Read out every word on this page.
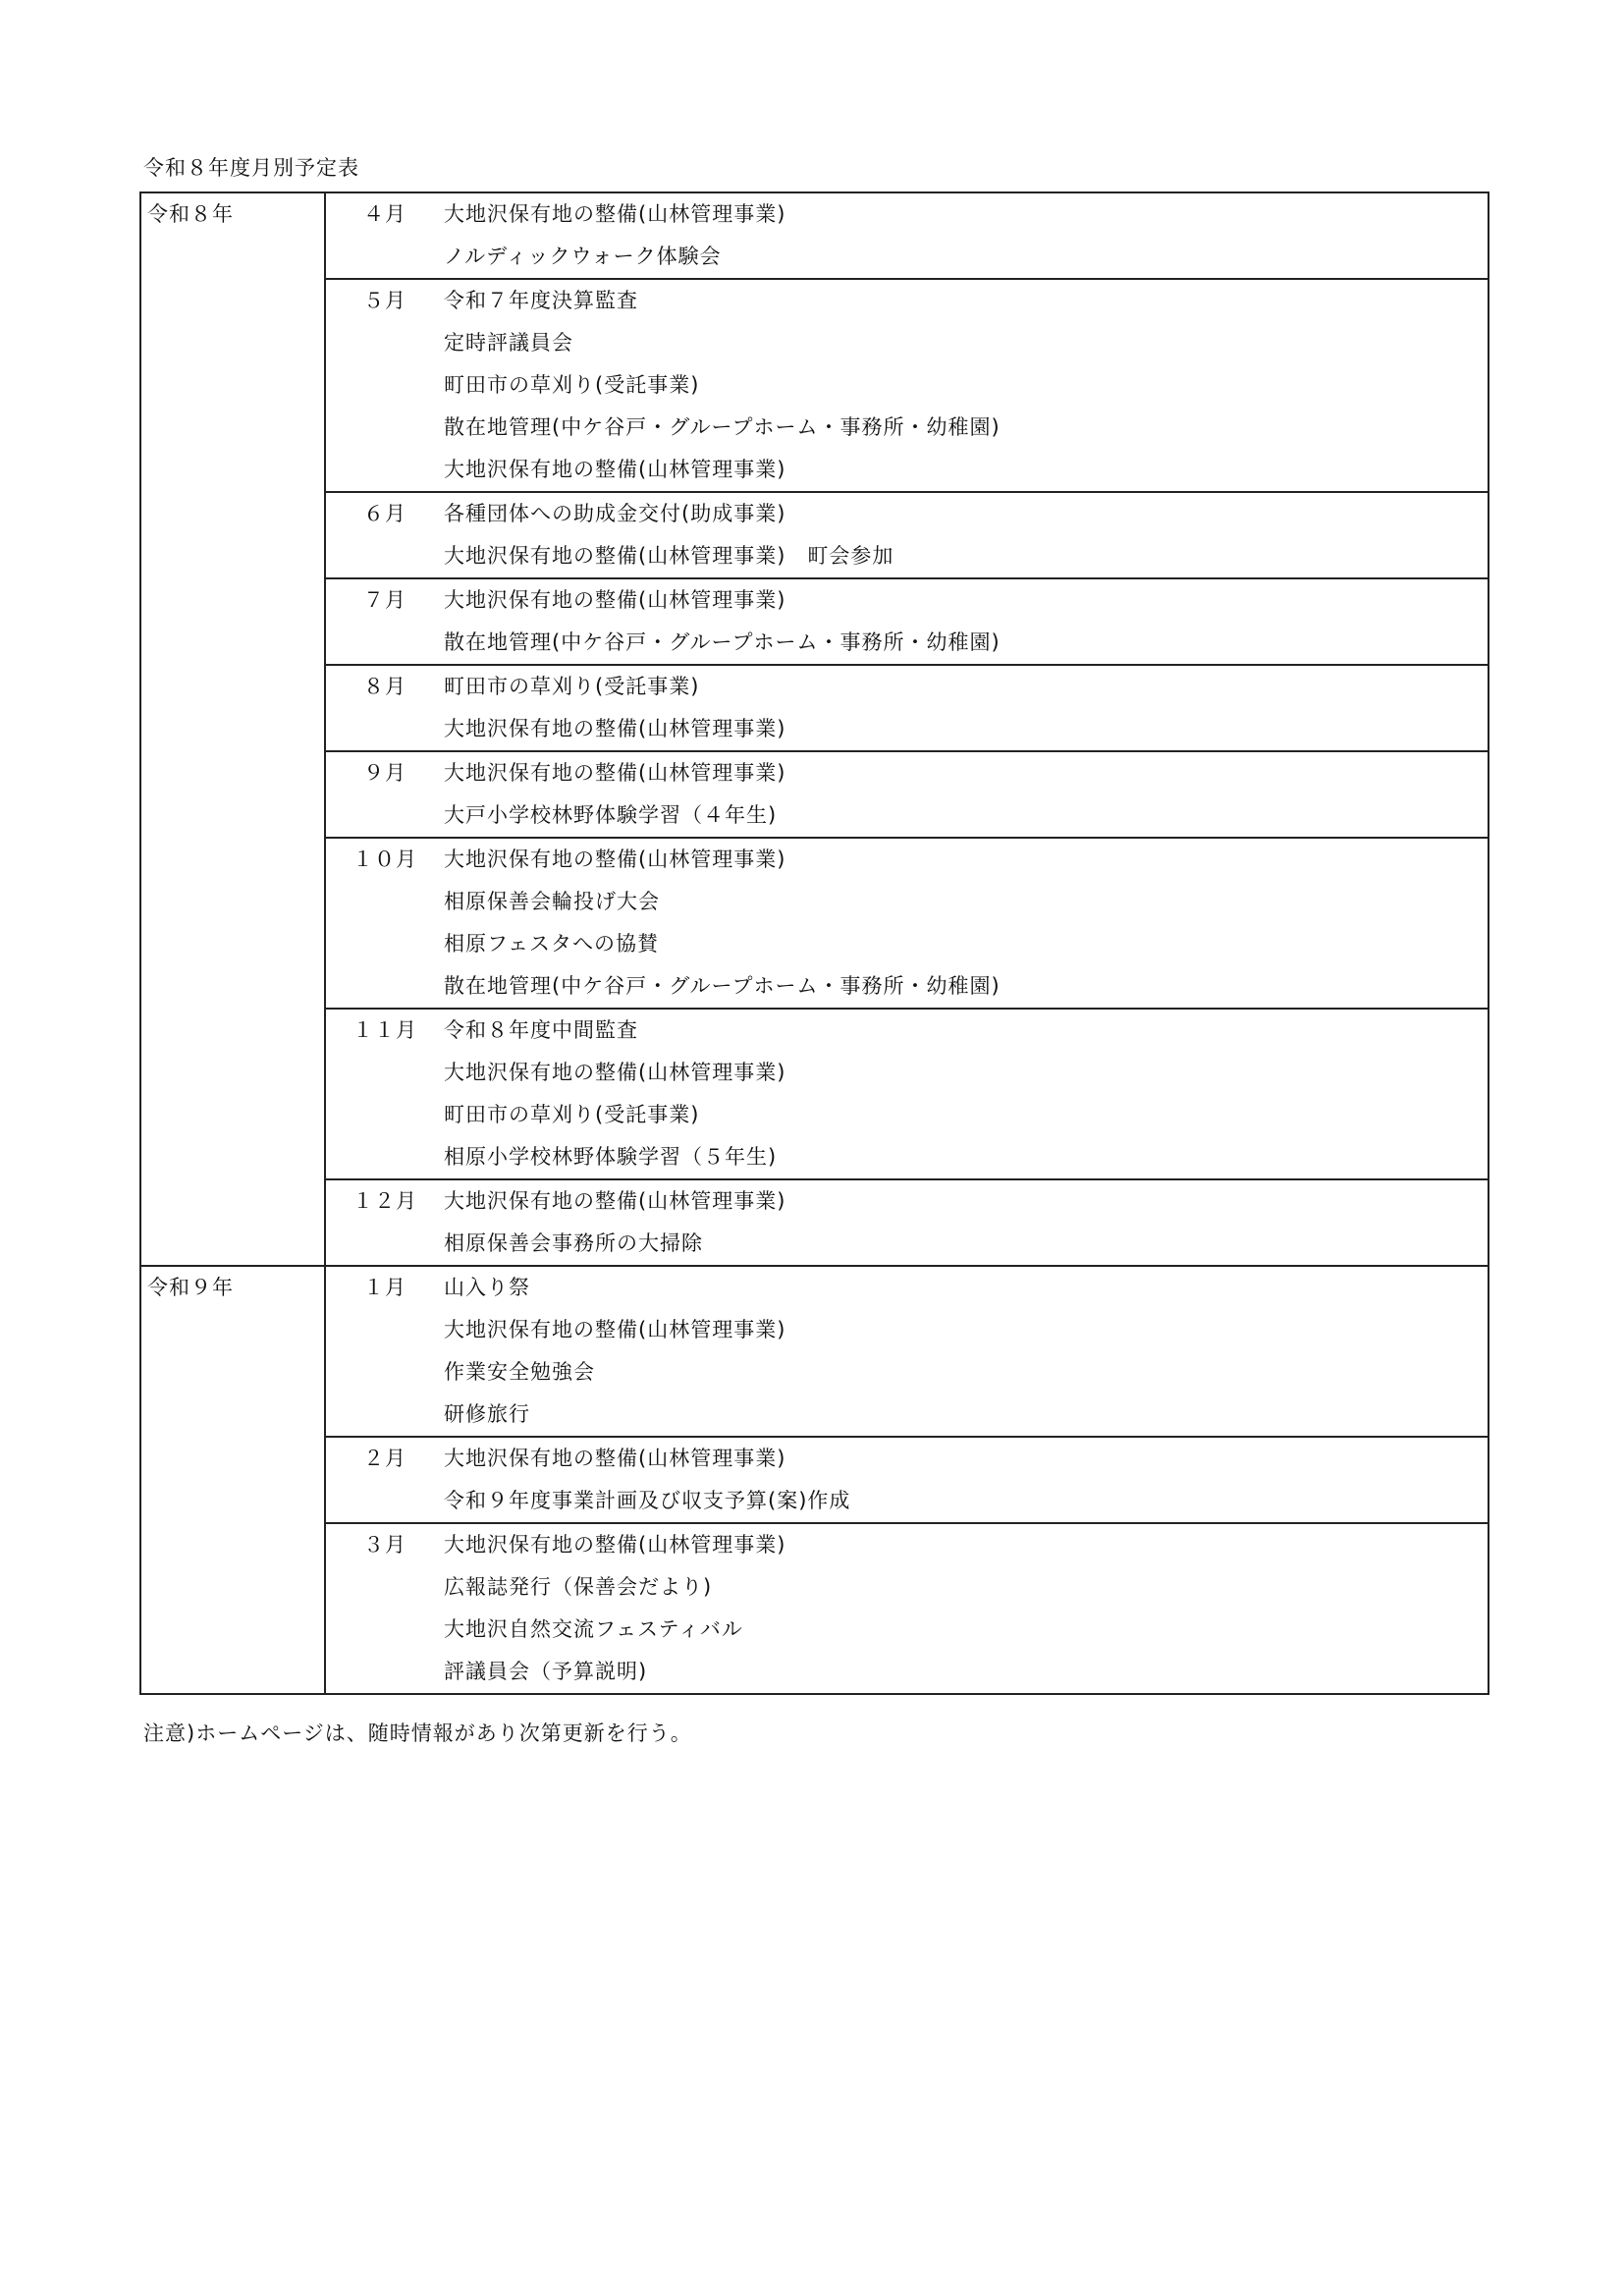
令和８年度月別予定表
令和８年	４月	大地沢保有地の整備(山林管理事業)
ノルディックウォーク体験会

	５月	令和７年度決算監査
定時評議員会
町田市の草刈り(受託事業)
散在地管理(中ケ谷戸・グループホーム・事務所・幼稚園)
大地沢保有地の整備(山林管理事業)

	６月	各種団体への助成金交付(助成事業)
大地沢保有地の整備(山林管理事業)　町会参加

	７月	大地沢保有地の整備(山林管理事業)
散在地管理(中ケ谷戸・グループホーム・事務所・幼稚園)

	８月	町田市の草刈り(受託事業)
大地沢保有地の整備(山林管理事業)

	９月	大地沢保有地の整備(山林管理事業)
大戸小学校林野体験学習（４年生)

	１０月	大地沢保有地の整備(山林管理事業)
相原保善会輪投げ大会
相原フェスタへの協賛
散在地管理(中ケ谷戸・グループホーム・事務所・幼稚園)

	１１月	令和８年度中間監査
大地沢保有地の整備(山林管理事業)
町田市の草刈り(受託事業)
相原小学校林野体験学習（５年生)

	１２月	大地沢保有地の整備(山林管理事業)
相原保善会事務所の大掃除

令和９年	１月	山入り祭
大地沢保有地の整備(山林管理事業)
作業安全勉強会
研修旅行

	２月	大地沢保有地の整備(山林管理事業)
令和９年度事業計画及び収支予算(案)作成

	３月	大地沢保有地の整備(山林管理事業)
広報誌発行（保善会だより)
大地沢自然交流フェスティバル
評議員会（予算説明)
注意)ホームページは、随時情報があり次第更新を行う。
